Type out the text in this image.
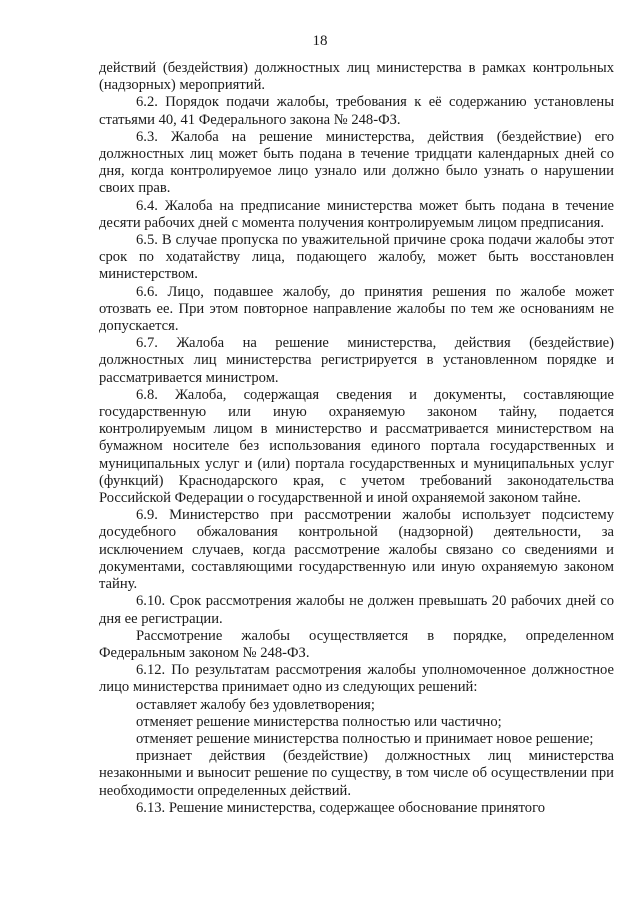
18

действий (бездействия) должностных лиц министерства в рамках контрольных (надзорных) мероприятий.

6.2. Порядок подачи жалобы, требования к её содержанию установлены статьями 40, 41 Федерального закона № 248-ФЗ.

6.3. Жалоба на решение министерства, действия (бездействие) его должностных лиц может быть подана в течение тридцати календарных дней со дня, когда контролируемое лицо узнало или должно было узнать о нарушении своих прав.

6.4. Жалоба на предписание министерства может быть подана в течение десяти рабочих дней с момента получения контролируемым лицом предписания.

6.5. В случае пропуска по уважительной причине срока подачи жалобы этот срок по ходатайству лица, подающего жалобу, может быть восстановлен министерством.

6.6. Лицо, подавшее жалобу, до принятия решения по жалобе может отозвать ее. При этом повторное направление жалобы по тем же основаниям не допускается.

6.7. Жалоба на решение министерства, действия (бездействие) должностных лиц министерства регистрируется в установленном порядке и рассматривается министром.

6.8. Жалоба, содержащая сведения и документы, составляющие государственную или иную охраняемую законом тайну, подается контролируемым лицом в министерство и рассматривается министерством на бумажном носителе без использования единого портала государственных и муниципальных услуг и (или) портала государственных и муниципальных услуг (функций) Краснодарского края, с учетом требований законодательства Российской Федерации о государственной и иной охраняемой законом тайне.

6.9. Министерство при рассмотрении жалобы использует подсистему досудебного обжалования контрольной (надзорной) деятельности, за исключением случаев, когда рассмотрение жалобы связано со сведениями и документами, составляющими государственную или иную охраняемую законом тайну.

6.10. Срок рассмотрения жалобы не должен превышать 20 рабочих дней со дня ее регистрации.

Рассмотрение жалобы осуществляется в порядке, определенном Федеральным законом № 248-ФЗ.

6.12. По результатам рассмотрения жалобы уполномоченное должностное лицо министерства принимает одно из следующих решений:

оставляет жалобу без удовлетворения;

отменяет решение министерства полностью или частично;

отменяет решение министерства полностью и принимает новое решение;

признает действия (бездействие) должностных лиц министерства незаконными и выносит решение по существу, в том числе об осуществлении при необходимости определенных действий.

6.13. Решение министерства, содержащее обоснование принятого
